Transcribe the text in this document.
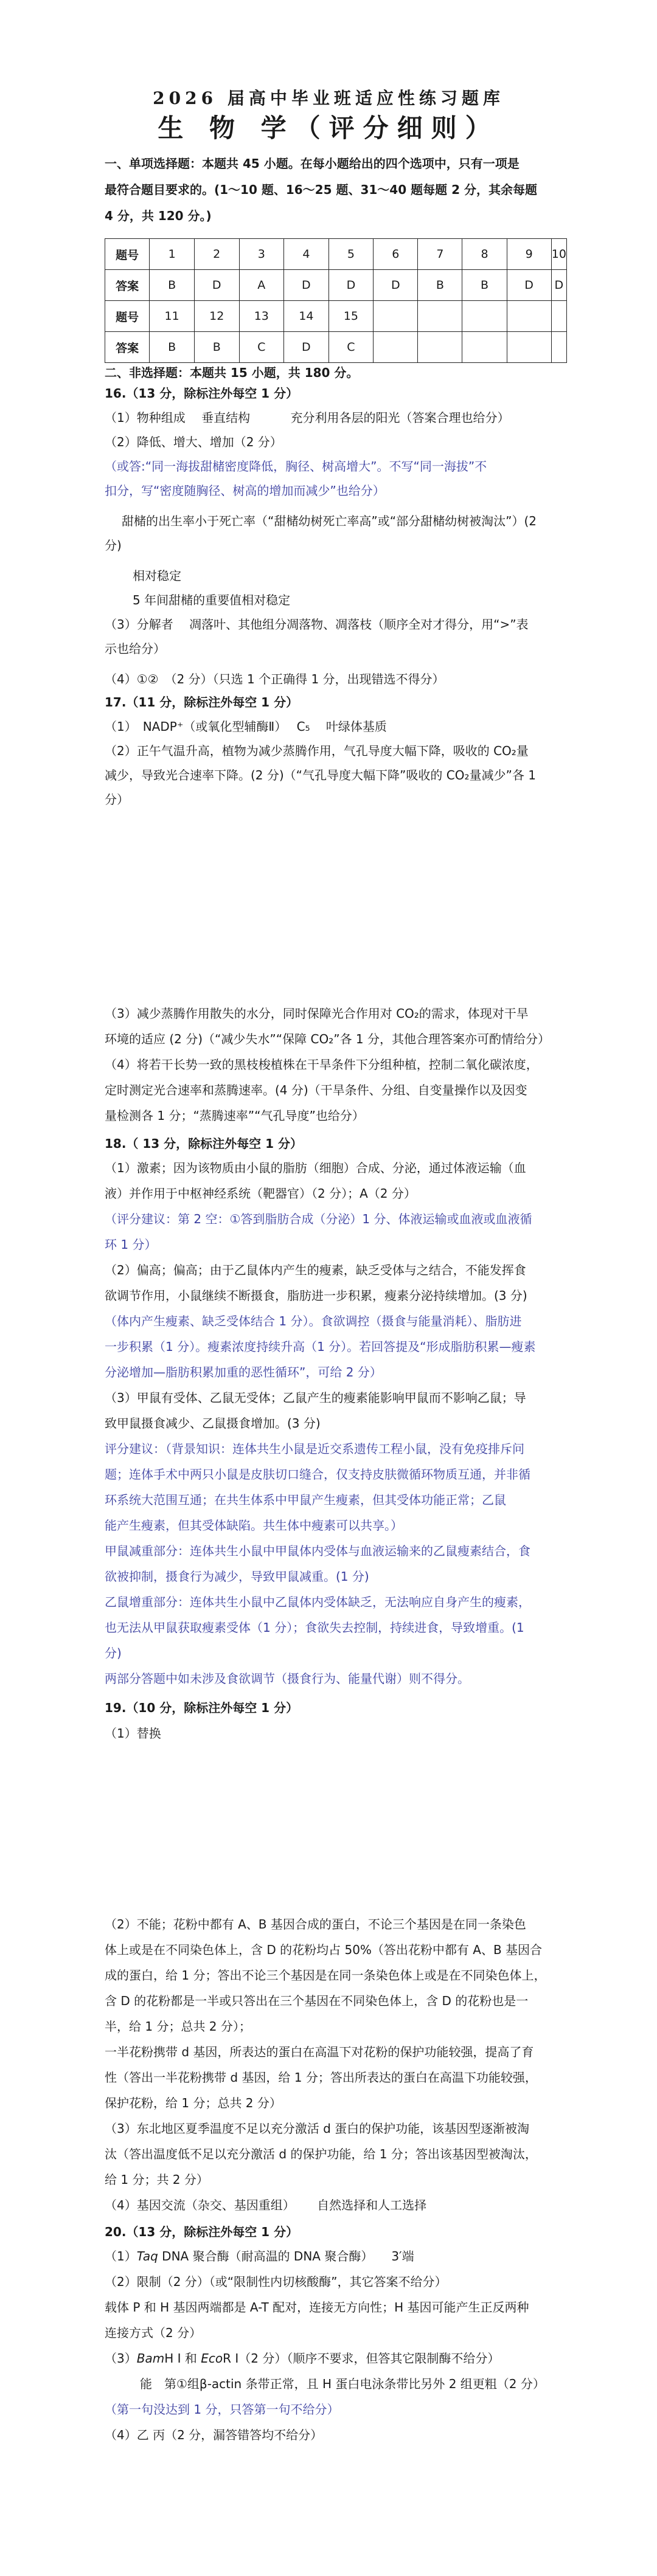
2026 届高中毕业班适应性练习题库
生 物 学（评分细则）

一、单项选择题：本题共 45 小题。在每小题给出的四个选项中，只有一项是

最符合题目要求的。(1～10 题、16～25 题、31～40 题每题 2 分，其余每题

4 分，共 120 分。)

题号	1	2	3	4	5	6	7	8	9	10
答案	B	D	A	D	D	D	B	B	D	D
题号	11	12	13	14	15					
答案	B	B	C	D	C					

二、非选择题：本题共 15 小题，共 180 分。

16.（13 分，除标注外每空 1 分）

（1）物种组成　 垂直结构　　　 充分利用各层的阳光（答案合理也给分）

（2）降低、增大、增加（2 分）

（或答:“同一海拔甜槠密度降低，胸径、树高增大”。不写“同一海拔”不

扣分，写“密度随胸径、树高的增加而减少”也给分）

甜槠的出生率小于死亡率（“甜槠幼树死亡率高”或“部分甜槠幼树被淘汰”）(2

分)

相对稳定

5 年间甜槠的重要值相对稳定

（3）分解者　 凋落叶、其他组分凋落物、凋落枝（顺序全对才得分，用“>”表

示也给分）

（4）①②　（2 分）（只选 1 个正确得 1 分，出现错选不得分）

17.（11 分，除标注外每空 1 分）

（1）　NADP⁺（或氧化型辅酶Ⅱ）　 C₅　 叶绿体基质

（2）正午气温升高，植物为减少蒸腾作用，气孔导度大幅下降，吸收的 CO₂量

减少，导致光合速率下降。(2 分)（“气孔导度大幅下降”吸收的 CO₂量减少”各 1

分）

（3）减少蒸腾作用散失的水分，同时保障光合作用对 CO₂的需求，体现对干旱

环境的适应 (2 分)（“减少失水”“保障 CO₂”各 1 分，其他合理答案亦可酌情给分）

（4）将若干长势一致的黑枝梭植株在干旱条件下分组种植，控制二氧化碳浓度，

定时测定光合速率和蒸腾速率。(4 分)（干旱条件、分组、自变量操作以及因变

量检测各 1 分；“蒸腾速率”“气孔导度”也给分）

18.（ 13 分，除标注外每空 1 分）

（1）激素；因为该物质由小鼠的脂肪（细胞）合成、分泌，通过体液运输（血

液）并作用于中枢神经系统（靶器官）（2 分）；A（2 分）

（评分建议：第 2 空：①答到脂肪合成（分泌）1 分、体液运输或血液或血液循

环 1 分）

（2）偏高；偏高；由于乙鼠体内产生的瘦素，缺乏受体与之结合，不能发挥食

欲调节作用，小鼠继续不断摄食，脂肪进一步积累，瘦素分泌持续增加。(3 分)

（体内产生瘦素、缺乏受体结合 1 分）。食欲调控（摄食与能量消耗）、脂肪进

一步积累（1 分）。瘦素浓度持续升高（1 分）。若回答提及“形成脂肪积累—瘦素

分泌增加—脂肪积累加重的恶性循环”，可给 2 分）

（3）甲鼠有受体、乙鼠无受体；乙鼠产生的瘦素能影响甲鼠而不影响乙鼠；导

致甲鼠摄食减少、乙鼠摄食增加。(3 分)

评分建议：（背景知识：连体共生小鼠是近交系遗传工程小鼠，没有免疫排斥问

题；连体手术中两只小鼠是皮肤切口缝合，仅支持皮肤微循环物质互通，并非循

环系统大范围互通；在共生体系中甲鼠产生瘦素，但其受体功能正常；乙鼠

能产生瘦素，但其受体缺陷。共生体中瘦素可以共享。）

甲鼠减重部分：连体共生小鼠中甲鼠体内受体与血液运输来的乙鼠瘦素结合，食

欲被抑制，摄食行为减少，导致甲鼠减重。(1 分)

乙鼠增重部分：连体共生小鼠中乙鼠体内受体缺乏，无法响应自身产生的瘦素，

也无法从甲鼠获取瘦素受体（1 分）；食欲失去控制，持续进食，导致增重。(1

分)

两部分答题中如未涉及食欲调节（摄食行为、能量代谢）则不得分。

19.（10 分，除标注外每空 1 分）

（1）替换

（2）不能；花粉中都有 A、B 基因合成的蛋白，不论三个基因是在同一条染色

体上或是在不同染色体上，含 D 的花粉均占 50%（答出花粉中都有 A、B 基因合

成的蛋白，给 1 分；答出不论三个基因是在同一条染色体上或是在不同染色体上，

含 D 的花粉都是一半或只答出在三个基因在不同染色体上，含 D 的花粉也是一

半，给 1 分；总共 2 分）；

一半花粉携带 d 基因，所表达的蛋白在高温下对花粉的保护功能较强，提高了育

性（答出一半花粉携带 d 基因，给 1 分；答出所表达的蛋白在高温下功能较强，

保护花粉，给 1 分；总共 2 分）

（3）东北地区夏季温度不足以充分激活 d 蛋白的保护功能，该基因型逐渐被淘

汰（答出温度低不足以充分激活 d 的保护功能，给 1 分；答出该基因型被淘汰，

给 1 分；共 2 分）

（4）基因交流（杂交、基因重组）　　 自然选择和人工选择

20.（13 分，除标注外每空 1 分）

（1）Taq DNA 聚合酶（耐高温的 DNA 聚合酶）　　3′端

（2）限制（2 分）（或“限制性内切核酸酶”，其它答案不给分）

载体 P 和 H 基因两端都是 A-T 配对，连接无方向性；H 基因可能产生正反两种

连接方式（2 分）

（3）BamH Ⅰ 和 EcoR Ⅰ（2 分）（顺序不要求，但答其它限制酶不给分）

能　第①组β-actin 条带正常，且 H 蛋白电泳条带比另外 2 组更粗（2 分）

（第一句没达到 1 分，只答第一句不给分）

（4）乙 丙（2 分，漏答错答均不给分）
